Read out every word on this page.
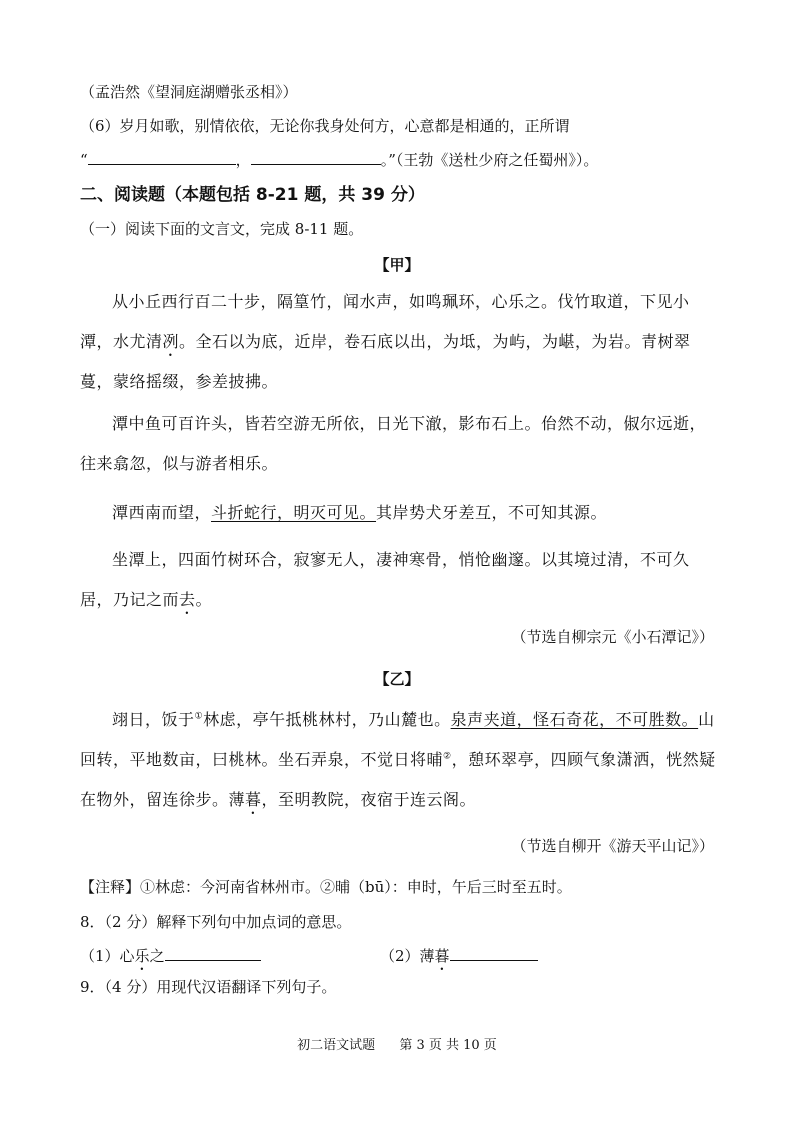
（孟浩然《望洞庭湖赠张丞相》）
（6）岁月如歌，别情依依，无论你我身处何方，心意都是相通的，正所谓
“	，	。”（王勃《送杜少府之任蜀州》）。
二、阅读题（本题包括 8-21 题，共 39 分）
（一）阅读下面的文言文，完成 8-11 题。
【甲】
从小丘西行百二十步，隔篁竹，闻水声，如鸣珮环，心乐之。伐竹取道，下见小潭，水尤清冽。全石以为底，近岸，卷石底以出，为坻，为屿，为嵁，为岩。青树翠蔓，蒙络摇缀，参差披拂。
潭中鱼可百许头，皆若空游无所依，日光下澈，影布石上。佁然不动，俶尔远逝，往来翕忽，似与游者相乐。
潭西南而望，斗折蛇行，明灭可见。其岸势犬牙差互，不可知其源。
坐潭上，四面竹树环合，寂寥无人，凄神寒骨，悄怆幽邃。以其境过清，不可久居，乃记之而去。
（节选自柳宗元《小石潭记》）
【乙】
翊日，饭于①林虑，亭午抵桃林村，乃山麓也。泉声夹道，怪石奇花，不可胜数。山回转，平地数亩，曰桃林。坐石弄泉，不觉日将晡②，憩环翠亭，四顾气象潇洒，恍然疑在物外，留连徐步。薄暮，至明教院，夜宿于连云阁。
（节选自柳开《游天平山记》）
【注释】①林虑：今河南省林州市。②晡（bū）：申时，午后三时至五时。
8．（2 分）解释下列句中加点词的意思。
（1）心乐之	（2）薄暮
9．（4 分）用现代汉语翻译下列句子。
初二语文试题 第 3 页 共 10 页
